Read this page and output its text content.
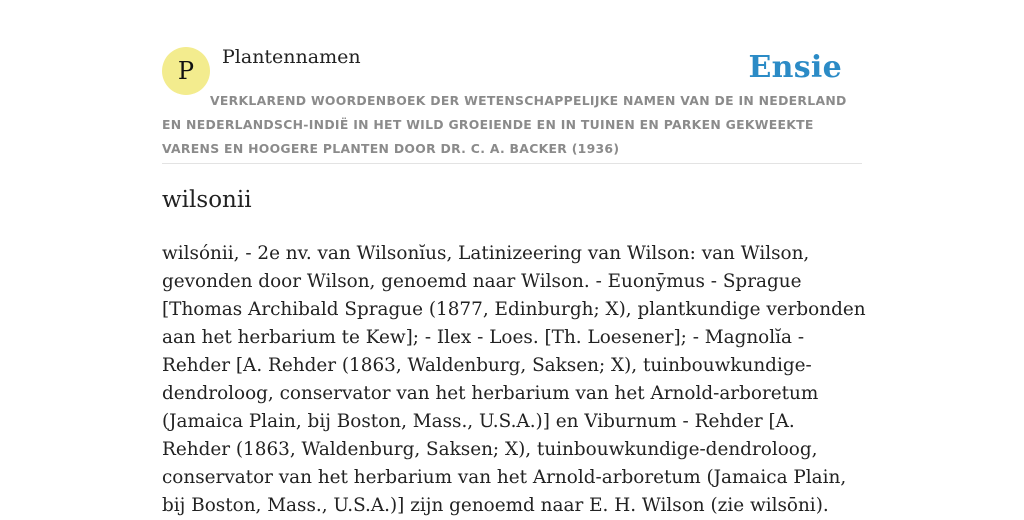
P Plantennamen	Ensie
VERKLAREND WOORDENBOEK DER WETENSCHAPPELIJKE NAMEN VAN DE IN NEDERLAND EN NEDERLANDSCH-INDIË IN HET WILD GROEIENDE EN IN TUINEN EN PARKEN GEKWEEKTE VARENS EN HOOGERE PLANTEN DOOR DR. C. A. BACKER (1936)
wilsonii

wilsónii, - 2e nv. van Wilsonĭus, Latinizeering van Wilson: van Wilson, gevonden door Wilson, genoemd naar Wilson. - Euonȳmus - Sprague [Thomas Archibald Sprague (1877, Edinburgh; X), plantkundige verbonden aan het herbarium te Kew]; - Ilex - Loes. [Th. Loesener]; - Magnolĭa - Rehder [A. Rehder (1863, Waldenburg, Saksen; X), tuinbouwkundige-dendroloog, conservator van het herbarium van het Arnold-arboretum (Jamaica Plain, bij Boston, Mass., U.S.A.)] en Viburnum - Rehder [A. Rehder (1863, Waldenburg, Saksen; X), tuinbouwkundige-dendroloog, conservator van het herbarium van het Arnold-arboretum (Jamaica Plain, bij Boston, Mass., U.S.A.)] zijn genoemd naar E. H. Wilson (zie wilsōni).
